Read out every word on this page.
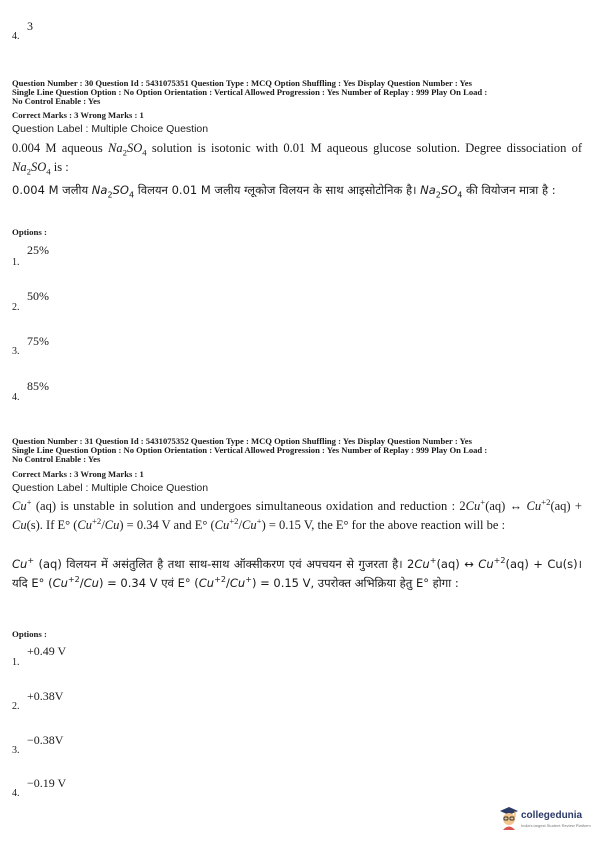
3
4.
Question Number : 30 Question Id : 5431075351 Question Type : MCQ Option Shuffling : Yes Display Question Number : Yes
Single Line Question Option : No Option Orientation : Vertical Allowed Progression : Yes Number of Replay : 999 Play On Load :
No Control Enable : Yes
Correct Marks : 3 Wrong Marks : 1
Question Label : Multiple Choice Question
0.004 M aqueous $Na_2SO_4$ solution is isotonic with 0.01 M aqueous glucose solution. Degree dissociation of $Na_2SO_4$ is :
0.004 M जलीय $Na_2SO_4$ विलयन 0.01 M जलीय ग्लूकोज विलयन के साथ आइसोटोनिक है। $Na_2SO_4$ की वियोजन मात्रा है :
Options :
25%
1.
50%
2.
75%
3.
85%
4.
Question Number : 31 Question Id : 5431075352 Question Type : MCQ Option Shuffling : Yes Display Question Number : Yes
Single Line Question Option : No Option Orientation : Vertical Allowed Progression : Yes Number of Replay : 999 Play On Load :
No Control Enable : Yes
Correct Marks : 3 Wrong Marks : 1
Question Label : Multiple Choice Question
Cu+ (aq) is unstable in solution and undergoes simultaneous oxidation and reduction : 2Cu+(aq) ↔ $Cu^{+2}(aq) + Cu(s)$. If E° $(Cu^{+2}/Cu) = 0.34$ V and E° $(Cu^{+2}/Cu^+) = 0.15$ V, the E° for the above reaction will be :
Cu+ (aq) विलयन में असंतुलित है तथा साथ-साथ ऑक्सीकरण एवं अपचयन से गुजरता है। 2Cu+(aq) ↔ $Cu^{+2}(aq)$ + Cu(s)। यदि E° $(Cu^{+2}/Cu) = 0.34$ V एवं E° $(Cu^{+2}/Cu^+) = 0.15$ V, उपरोक्त अभिक्रिया हेतु E° होगा :
Options :
+0.49 V
1.
+0.38V
2.
−0.38V
3.
−0.19 V
4.
collegedunia
India's largest Student Review Platform
